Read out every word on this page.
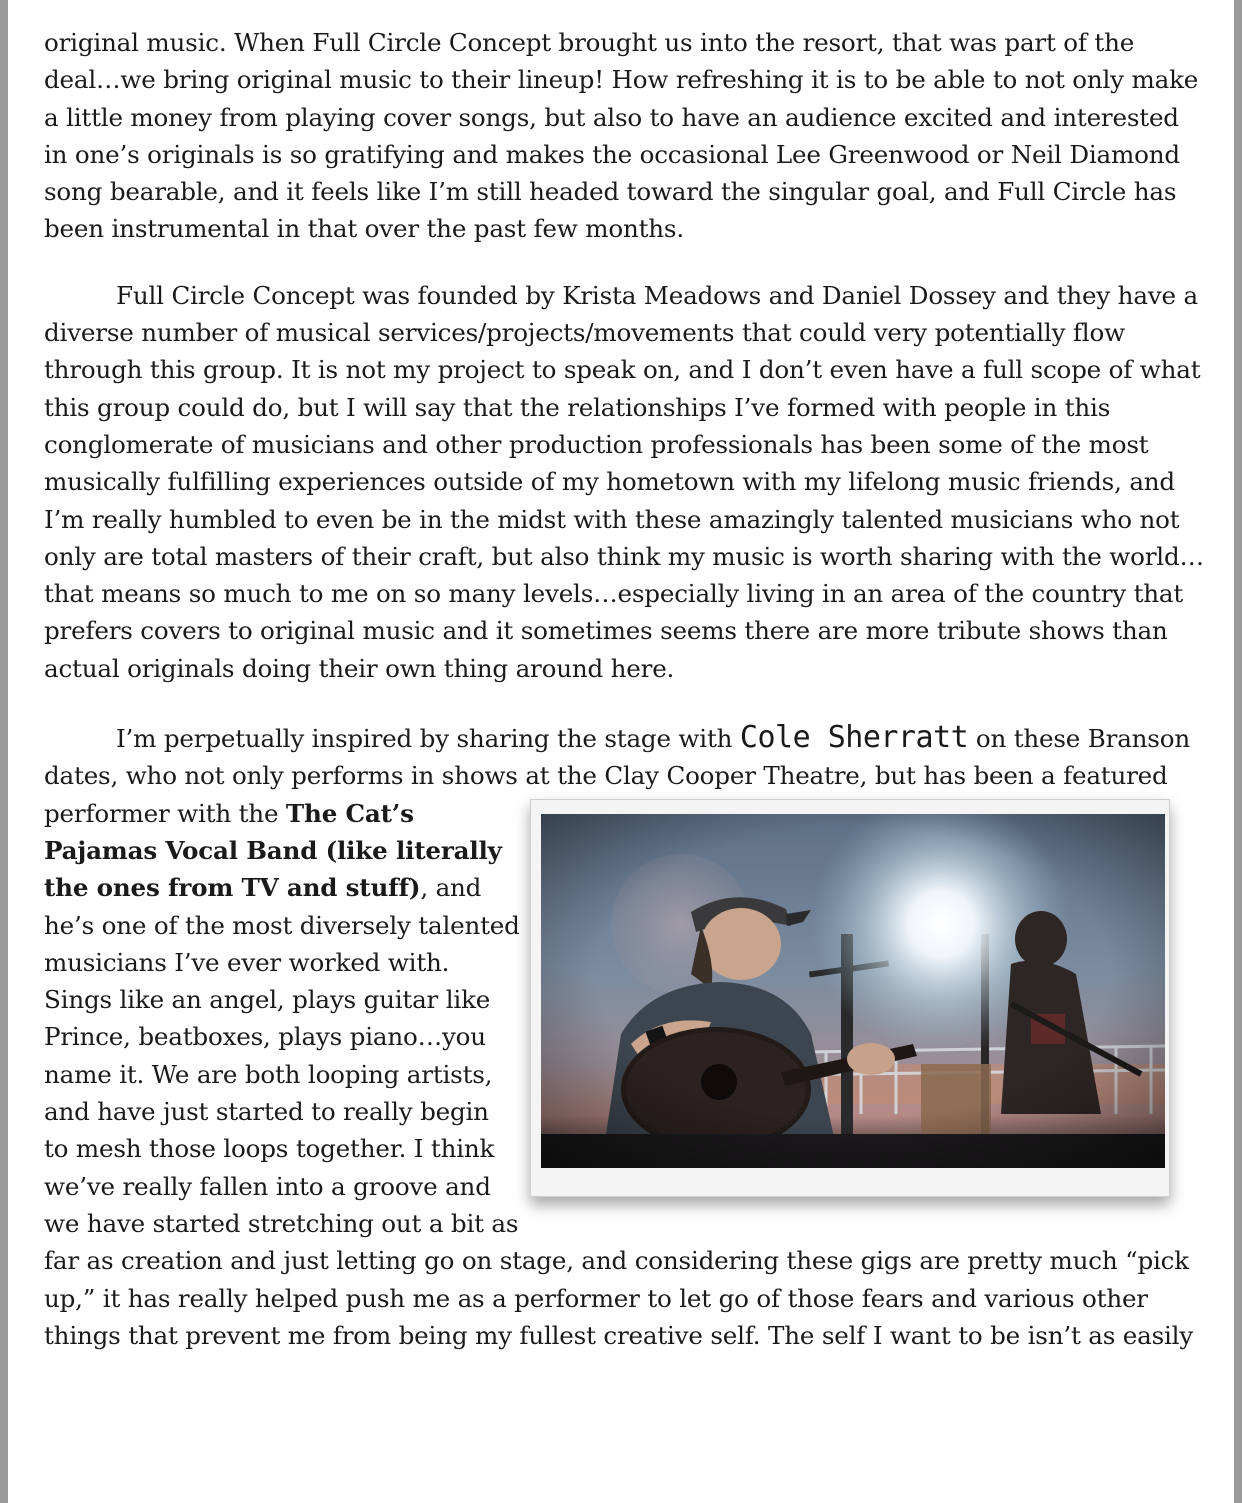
original music. When Full Circle Concept brought us into the resort, that was part of the deal…we bring original music to their lineup! How refreshing it is to be able to not only make a little money from playing cover songs, but also to have an audience excited and interested in one’s originals is so gratifying and makes the occasional Lee Greenwood or Neil Diamond song bearable, and it feels like I’m still headed toward the singular goal, and Full Circle has been instrumental in that over the past few months.

Full Circle Concept was founded by Krista Meadows and Daniel Dossey and they have a diverse number of musical services/projects/movements that could very potentially flow through this group. It is not my project to speak on, and I don’t even have a full scope of what this group could do, but I will say that the relationships I’ve formed with people in this conglomerate of musicians and other production professionals has been some of the most musically fulfilling experiences outside of my hometown with my lifelong music friends, and I’m really humbled to even be in the midst with these amazingly talented musicians who not only are total masters of their craft, but also think my music is worth sharing with the world…that means so much to me on so many levels…especially living in an area of the country that prefers covers to original music and it sometimes seems there are more tribute shows than actual originals doing their own thing around here.

I’m perpetually inspired by sharing the stage with Cole Sherratt on these Branson dates, who not only performs in shows at the Clay Cooper Theatre, but has been a featured performer with the
The Cat’s Pajamas Vocal Band (like literally the ones from TV and stuff), and he’s one of the most diversely talented musicians I’ve ever worked with. Sings like an angel, plays guitar like Prince, beatboxes, plays piano…you name it. We are both looping artists, and have just started to really begin to mesh those loops together. I think we’ve really fallen into a groove and we have started stretching out a bit as far as creation and just letting go on stage, and considering these gigs are pretty much “pick up,” it has really helped push me as a performer to let go of those fears and various other things that prevent me from being my fullest creative self. The self I want to be isn’t as easily
